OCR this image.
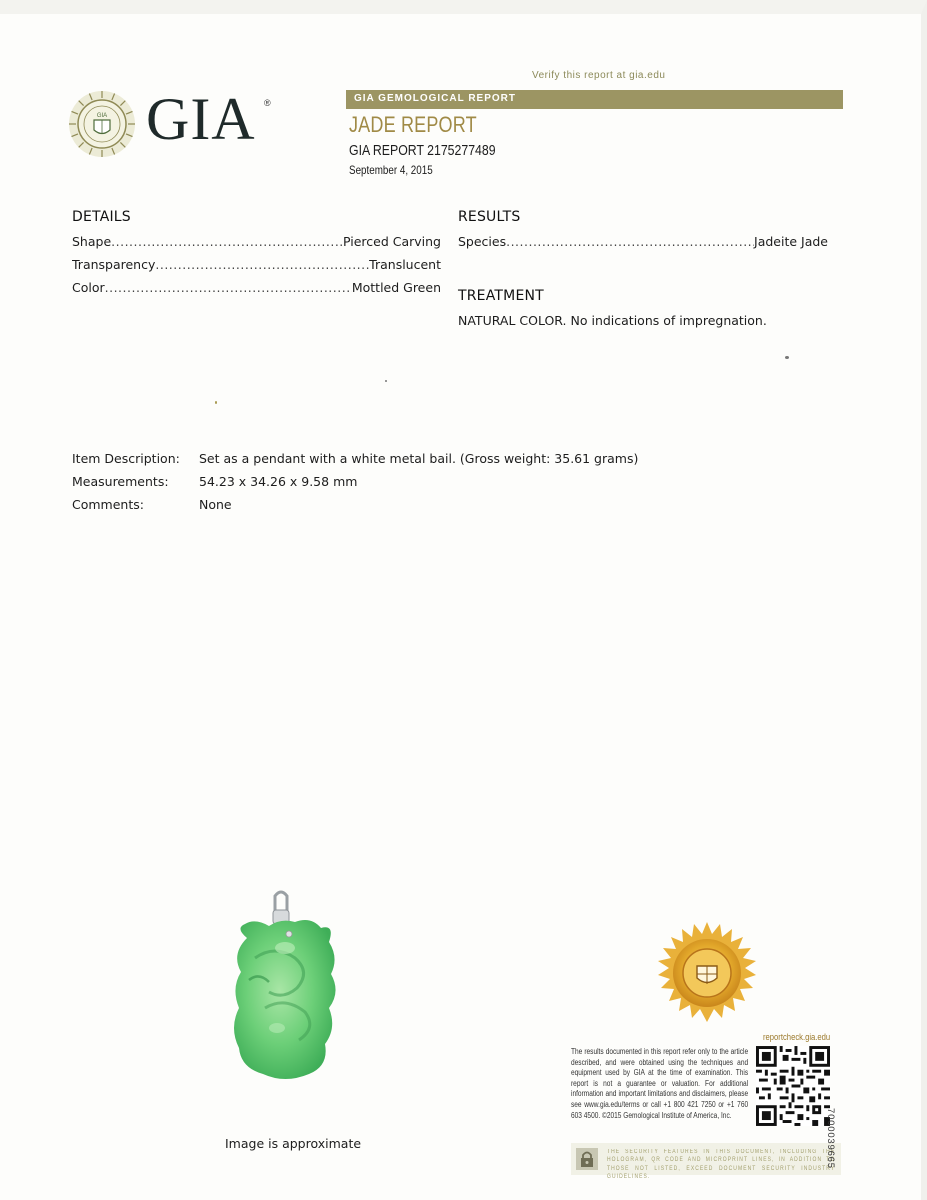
Verify this report at gia.edu
GIA GIA ®	GIA GEMOLOGICAL REPORT
JADE REPORT
GIA REPORT 2175277489
September 4, 2015
DETAILS
Shape .....	Pierced Carving
Transparency .....	Translucent
Color .....	Mottled Green
RESULTS
Species .....	Jadeite Jade
TREATMENT
NATURAL COLOR. No indications of impregnation.
Item Description: Set as a pendant with a white metal bail. (Gross weight: 35.61 grams)
Measurements: 54.23 x 34.26 x 9.58 mm
Comments:	None
Image is approximate
reportcheck.gia.edu
The results documented in this report refer only to the article described, and were obtained using the techniques and equipment used by GIA at the time of examination. This report is not a guarantee or valuation. For additional information and important limitations and disclaimers, please see www.gia.edu/terms or call +1 800 421 7250 or +1 760 603 4500. ©2015 Gemological Institute of America, Inc.
THE SECURITY FEATURES IN THIS DOCUMENT, INCLUDING THE HOLOGRAM, QR CODE AND MICROPRINT LINES, IN ADDITION TO THOSE NOT LISTED, EXCEED DOCUMENT SECURITY INDUSTRY GUIDELINES.
7000039665
